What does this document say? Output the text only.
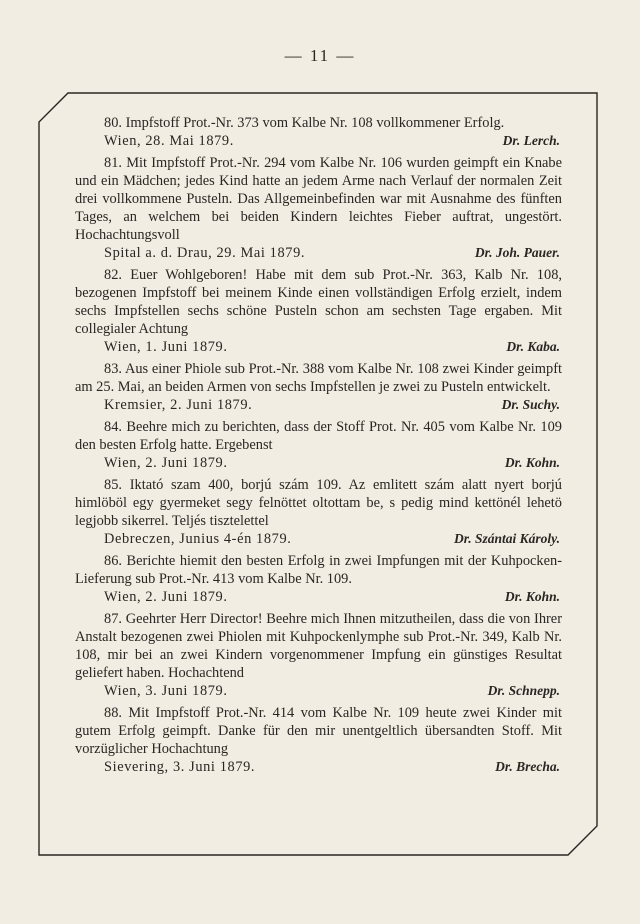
— 11 —

80. Impfstoff Prot.-Nr. 373 vom Kalbe Nr. 108 vollkommener Erfolg.

Wien, 28. Mai 1879.	Dr. Lerch.

81. Mit Impfstoff Prot.-Nr. 294 vom Kalbe Nr. 106 wurden geimpft ein Knabe und ein Mädchen; jedes Kind hatte an jedem Arme nach Verlauf der normalen Zeit drei vollkommene Pusteln. Das Allgemeinbefinden war mit Ausnahme des fünften Tages, an welchem bei beiden Kindern leichtes Fieber auftrat, ungestört. Hochachtungsvoll

Spital a. d. Drau, 29. Mai 1879.	Dr. Joh. Pauer.

82. Euer Wohlgeboren! Habe mit dem sub Prot.-Nr. 363, Kalb Nr. 108, bezogenen Impfstoff bei meinem Kinde einen vollständigen Erfolg erzielt, indem sechs Impfstellen sechs schöne Pusteln schon am sechsten Tage ergaben. Mit collegialer Achtung

Wien, 1. Juni 1879.	Dr. Kaba.

83. Aus einer Phiole sub Prot.-Nr. 388 vom Kalbe Nr. 108 zwei Kinder geimpft am 25. Mai, an beiden Armen von sechs Impfstellen je zwei zu Pusteln entwickelt.

Kremsier, 2. Juni 1879.	Dr. Suchy.

84. Beehre mich zu berichten, dass der Stoff Prot. Nr. 405 vom Kalbe Nr. 109 den besten Erfolg hatte. Ergebenst

Wien, 2. Juni 1879.	Dr. Kohn.

85. Iktató szam 400, borjú szám 109. Az emlitett szám alatt nyert borjú himlöböl egy gyermeket segy felnöttet oltottam be, s pedig mind kettönél lehetö legjobb sikerrel. Teljés tisztelettel

Debreczen, Junius 4-én 1879.	Dr. Szántai Károly.

86. Berichte hiemit den besten Erfolg in zwei Impfungen mit der Kuhpocken-Lieferung sub Prot.-Nr. 413 vom Kalbe Nr. 109.

Wien, 2. Juni 1879.	Dr. Kohn.

87. Geehrter Herr Director! Beehre mich Ihnen mitzutheilen, dass die von Ihrer Anstalt bezogenen zwei Phiolen mit Kuhpockenlymphe sub Prot.-Nr. 349, Kalb Nr. 108, mir bei an zwei Kindern vorgenommener Impfung ein günstiges Resultat geliefert haben. Hochachtend

Wien, 3. Juni 1879.	Dr. Schnepp.

88. Mit Impfstoff Prot.-Nr. 414 vom Kalbe Nr. 109 heute zwei Kinder mit gutem Erfolg geimpft. Danke für den mir unentgeltlich übersandten Stoff. Mit vorzüglicher Hochachtung

Sievering, 3. Juni 1879.	Dr. Brecha.
